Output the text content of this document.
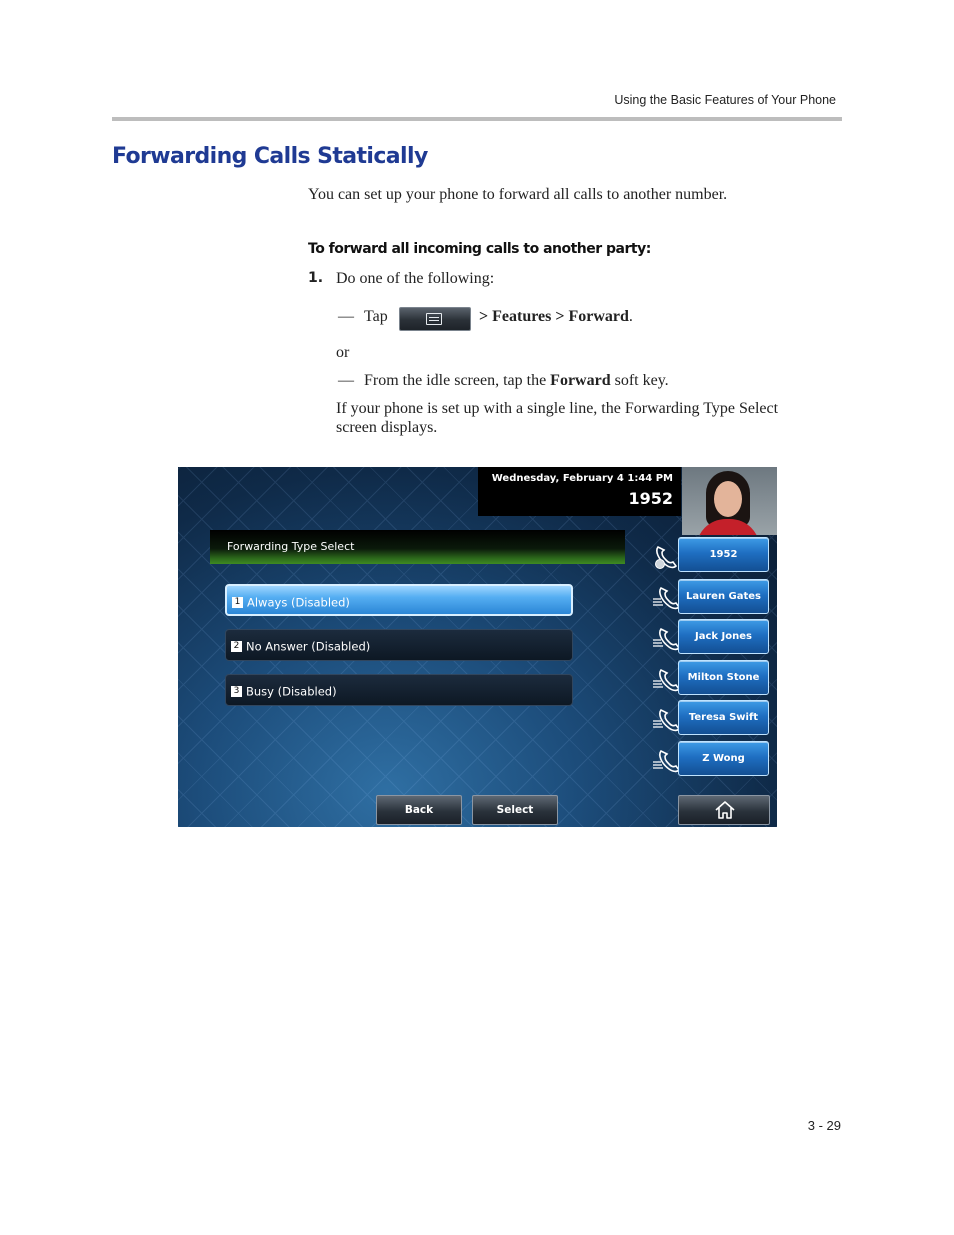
Using the Basic Features of Your Phone
Forwarding Calls Statically
You can set up your phone to forward all calls to another number.
To forward all incoming calls to another party:
1. Do one of the following:
— Tap	> Features > Forward.
or
— From the idle screen, tap the Forward soft key.
If your phone is set up with a single line, the Forwarding Type Select
screen displays.
Wednesday, February 4 1:44 PM
1952
Forwarding Type Select
1 Always (Disabled)
2 No Answer (Disabled)
3 Busy (Disabled)
1952
Lauren Gates
Jack Jones
Milton Stone
Teresa Swift
Z Wong
Back	Select
3 - 29
